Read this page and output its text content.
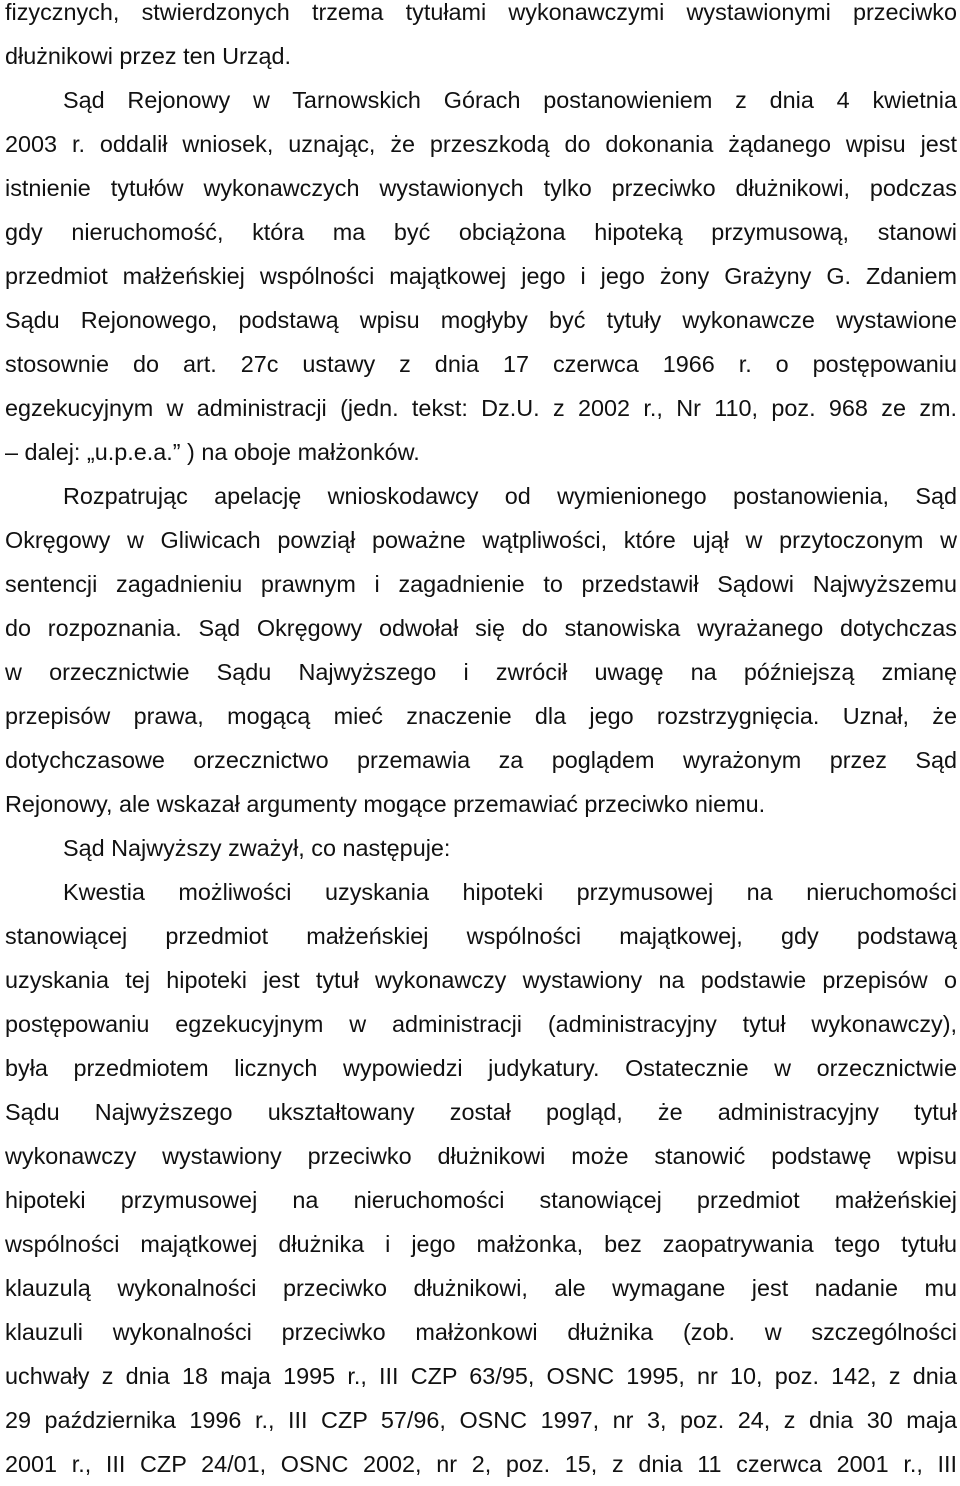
fizycznych, stwierdzonych trzema tytułami wykonawczymi wystawionymi przeciwko
dłużnikowi przez ten Urząd.
Sąd Rejonowy w Tarnowskich Górach postanowieniem z dnia 4 kwietnia
2003 r. oddalił wniosek, uznając, że przeszkodą do dokonania żądanego wpisu jest
istnienie tytułów wykonawczych wystawionych tylko przeciwko dłużnikowi, podczas
gdy nieruchomość, która ma być obciążona hipoteką przymusową, stanowi
przedmiot małżeńskiej wspólności majątkowej jego i jego żony Grażyny G. Zdaniem
Sądu Rejonowego, podstawą wpisu mogłyby być tytuły wykonawcze wystawione
stosownie do art. 27c ustawy z dnia 17 czerwca 1966 r. o postępowaniu
egzekucyjnym w administracji (jedn. tekst: Dz.U. z 2002 r., Nr 110, poz. 968 ze zm.
– dalej: „u.p.e.a.” ) na oboje małżonków.
Rozpatrując apelację wnioskodawcy od wymienionego postanowienia, Sąd
Okręgowy w Gliwicach powziął poważne wątpliwości, które ujął w przytoczonym w
sentencji zagadnieniu prawnym i zagadnienie to przedstawił Sądowi Najwyższemu
do rozpoznania. Sąd Okręgowy odwołał się do stanowiska wyrażanego dotychczas
w orzecznictwie Sądu Najwyższego i zwrócił uwagę na późniejszą zmianę
przepisów prawa, mogącą mieć znaczenie dla jego rozstrzygnięcia. Uznał, że
dotychczasowe orzecznictwo przemawia za poglądem wyrażonym przez Sąd
Rejonowy, ale wskazał argumenty mogące przemawiać przeciwko niemu.
Sąd Najwyższy zważył, co następuje:
Kwestia możliwości uzyskania hipoteki przymusowej na nieruchomości
stanowiącej przedmiot małżeńskiej wspólności majątkowej, gdy podstawą
uzyskania tej hipoteki jest tytuł wykonawczy wystawiony na podstawie przepisów o
postępowaniu egzekucyjnym w administracji (administracyjny tytuł wykonawczy),
była przedmiotem licznych wypowiedzi judykatury. Ostatecznie w orzecznictwie
Sądu Najwyższego ukształtowany został pogląd, że administracyjny tytuł
wykonawczy wystawiony przeciwko dłużnikowi może stanowić podstawę wpisu
hipoteki przymusowej na nieruchomości stanowiącej przedmiot małżeńskiej
wspólności majątkowej dłużnika i jego małżonka, bez zaopatrywania tego tytułu
klauzulą wykonalności przeciwko dłużnikowi, ale wymagane jest nadanie mu
klauzuli wykonalności przeciwko małżonkowi dłużnika (zob. w szczególności
uchwały z dnia 18 maja 1995 r., III CZP 63/95, OSNC 1995, nr 10, poz. 142, z dnia
29 października 1996 r., III CZP 57/96, OSNC 1997, nr 3, poz. 24, z dnia 30 maja
2001 r., III CZP 24/01, OSNC 2002, nr 2, poz. 15, z dnia 11 czerwca 2001 r., III
